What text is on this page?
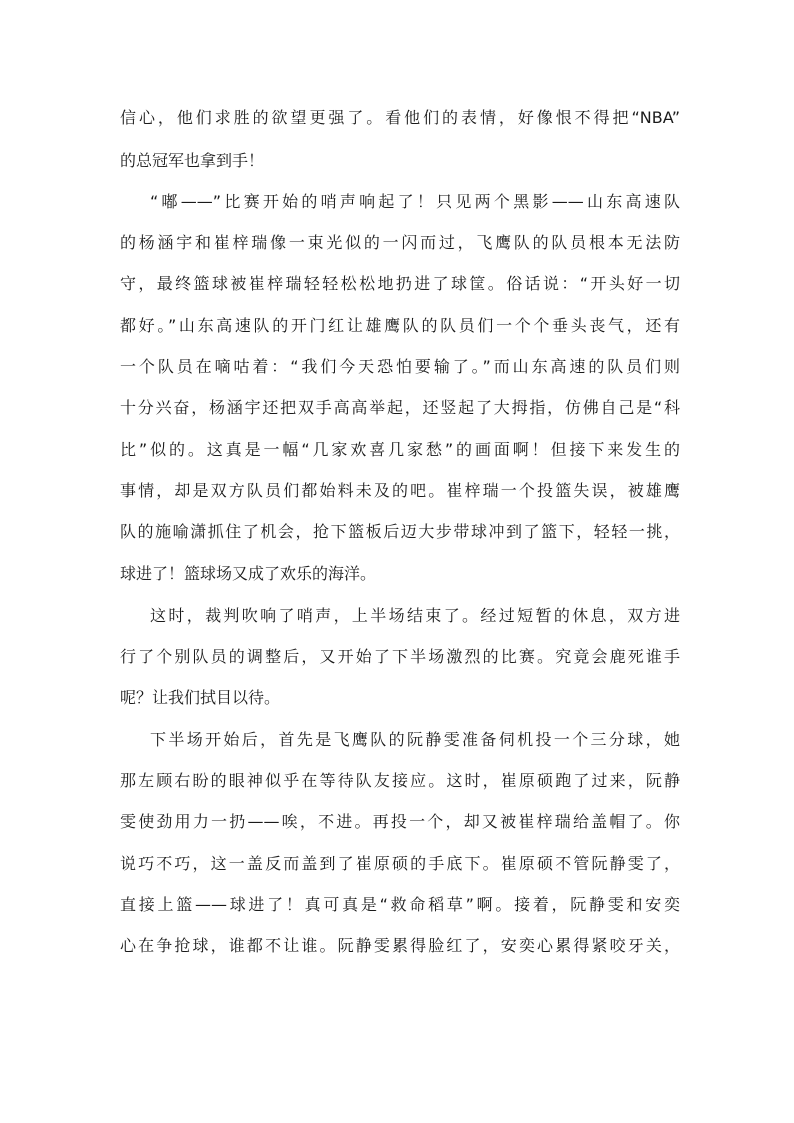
信心，他们求胜的欲望更强了。看他们的表情，好像恨不得把“NBA”
的总冠军也拿到手！
“嘟——”比赛开始的哨声响起了！只见两个黑影——山东高速队
的杨涵宇和崔梓瑞像一束光似的一闪而过，飞鹰队的队员根本无法防
守，最终篮球被崔梓瑞轻轻松松地扔进了球筐。俗话说：“开头好一切
都好。”山东高速队的开门红让雄鹰队的队员们一个个垂头丧气，还有
一个队员在嘀咕着：“我们今天恐怕要输了。”而山东高速的队员们则
十分兴奋，杨涵宇还把双手高高举起，还竖起了大拇指，仿佛自己是“科
比”似的。这真是一幅“几家欢喜几家愁”的画面啊！但接下来发生的
事情，却是双方队员们都始料未及的吧。崔梓瑞一个投篮失误，被雄鹰
队的施喻潇抓住了机会，抢下篮板后迈大步带球冲到了篮下，轻轻一挑，
球进了！篮球场又成了欢乐的海洋。
这时，裁判吹响了哨声，上半场结束了。经过短暂的休息，双方进
行了个别队员的调整后，又开始了下半场激烈的比赛。究竟会鹿死谁手
呢？让我们拭目以待。
下半场开始后，首先是飞鹰队的阮静雯准备伺机投一个三分球，她
那左顾右盼的眼神似乎在等待队友接应。这时，崔原硕跑了过来，阮静
雯使劲用力一扔——唉，不进。再投一个，却又被崔梓瑞给盖帽了。你
说巧不巧，这一盖反而盖到了崔原硕的手底下。崔原硕不管阮静雯了，
直接上篮——球进了！真可真是“救命稻草”啊。接着，阮静雯和安奕
心在争抢球，谁都不让谁。阮静雯累得脸红了，安奕心累得紧咬牙关，
